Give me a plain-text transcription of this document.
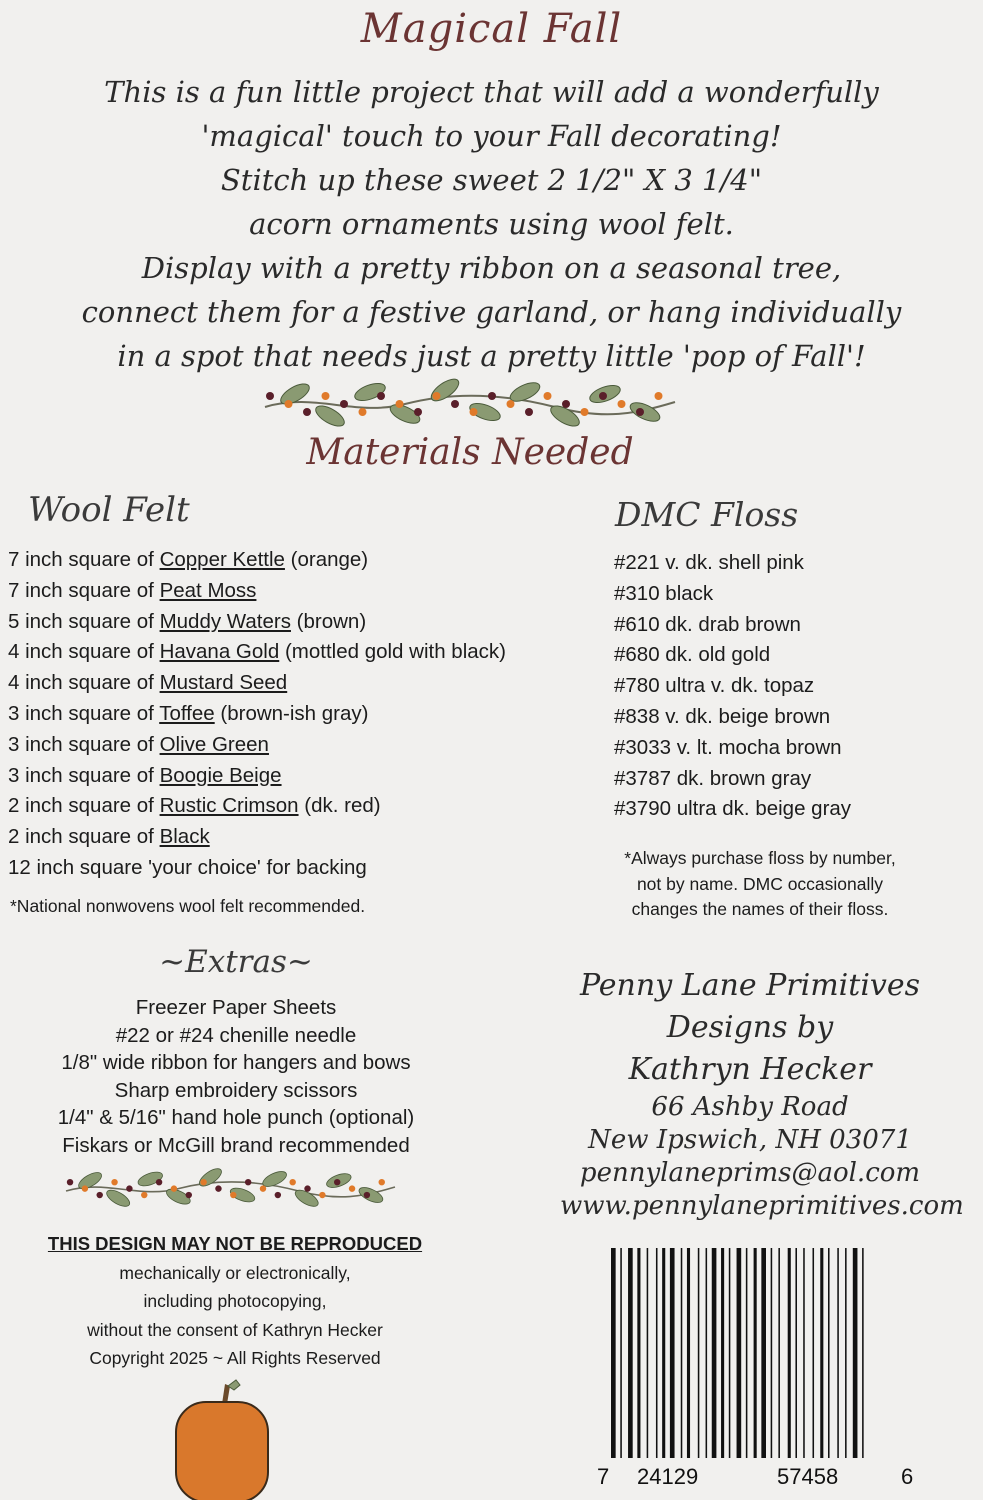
Magical Fall
This is a fun little project that will add a wonderfully
'magical' touch to your Fall decorating!
Stitch up these sweet 2 1/2" X 3 1/4"
acorn ornaments using wool felt.
Display with a pretty ribbon on a seasonal tree,
connect them for a festive garland, or hang individually
in a spot that needs just a pretty little 'pop of Fall'!
Materials Needed
Wool Felt	DMC Floss
7 inch square of Copper Kettle (orange)
7 inch square of Peat Moss
5 inch square of Muddy Waters (brown)
4 inch square of Havana Gold (mottled gold with black)
4 inch square of Mustard Seed
3 inch square of Toffee (brown-ish gray)
3 inch square of Olive Green
3 inch square of Boogie Beige
2 inch square of Rustic Crimson (dk. red)
2 inch square of Black
12 inch square 'your choice' for backing
*National nonwovens wool felt recommended.
#221 v. dk. shell pink
#310 black
#610 dk. drab brown
#680 dk. old gold
#780 ultra v. dk. topaz
#838 v. dk. beige brown
#3033 v. lt. mocha brown
#3787 dk. brown gray
#3790 ultra dk. beige gray
*Always purchase floss by number,
not by name. DMC occasionally
changes the names of their floss.
~Extras~
Freezer Paper Sheets
#22 or #24 chenille needle
1/8" wide ribbon for hangers and bows
Sharp embroidery scissors
1/4" & 5/16" hand hole punch (optional)
Fiskars or McGill brand recommended
Penny Lane Primitives
Designs by
Kathryn Hecker
66 Ashby Road
New Ipswich, NH 03071
pennylaneprims@aol.com
www.pennylaneprimitives.com
THIS DESIGN MAY NOT BE REPRODUCED
mechanically or electronically,
including photocopying,
without the consent of Kathryn Hecker
Copyright 2025 ~ All Rights Reserved
7 24129	57458	6
